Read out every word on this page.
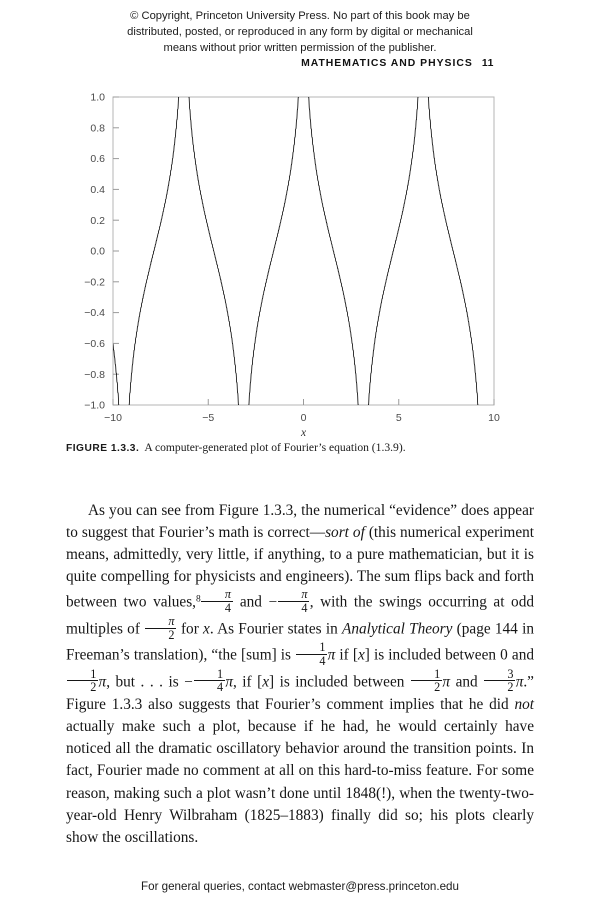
© Copyright, Princeton University Press. No part of this book may be
distributed, posted, or reproduced in any form by digital or mechanical
means without prior written permission of the publisher.
MATHEMATICS AND PHYSICS 11
1.0
0.8
0.6
0.4
0.2
0.0
−0.2
−0.4
−0.6
−0.8
−1.0
−10	−5	0	5	10
x
FIGURE 1.3.3. A computer-generated plot of Fourier’s equation (1.3.9).

As you can see from Figure 1.3.3, the numerical “evidence” does appear to suggest that Fourier’s math is correct—sort of (this numerical experiment means, admittedly, very little, if anything, to a pure mathematician, but it is quite compelling for physicists and engineers). The sum flips back and forth between two values,$^8$ $\frac{\pi}{4}$ and − $\frac{\pi}{4}$ , with the swings occurring at odd multiples of $\frac{\pi}{2}$ for x. As Fourier states in Analytical Theory (page 144 in Freeman’s translation), “the [sum] is $\frac{1}{4}$ π if [x] is included between 0 and
$\frac{1}{2} \pi$, but . . . is − $\frac{1}{4} \pi$, if [x] is included between $\frac{1}{2}$ π and $\frac{3}{2} \pi$.” Figure 1.3.3 also suggests that Fourier’s comment implies that he did not actually make such a plot, because if he had, he would certainly have noticed all the dramatic oscillatory behavior around the transition points. In fact, Fourier made no comment at all on this hard-to-miss feature. For some reason, making such a plot wasn’t done until 1848(!), when the twenty-two-year-old Henry Wilbraham (1825–1883) finally did so; his plots clearly show the oscillations.

For general queries, contact webmaster@press.princeton.edu
